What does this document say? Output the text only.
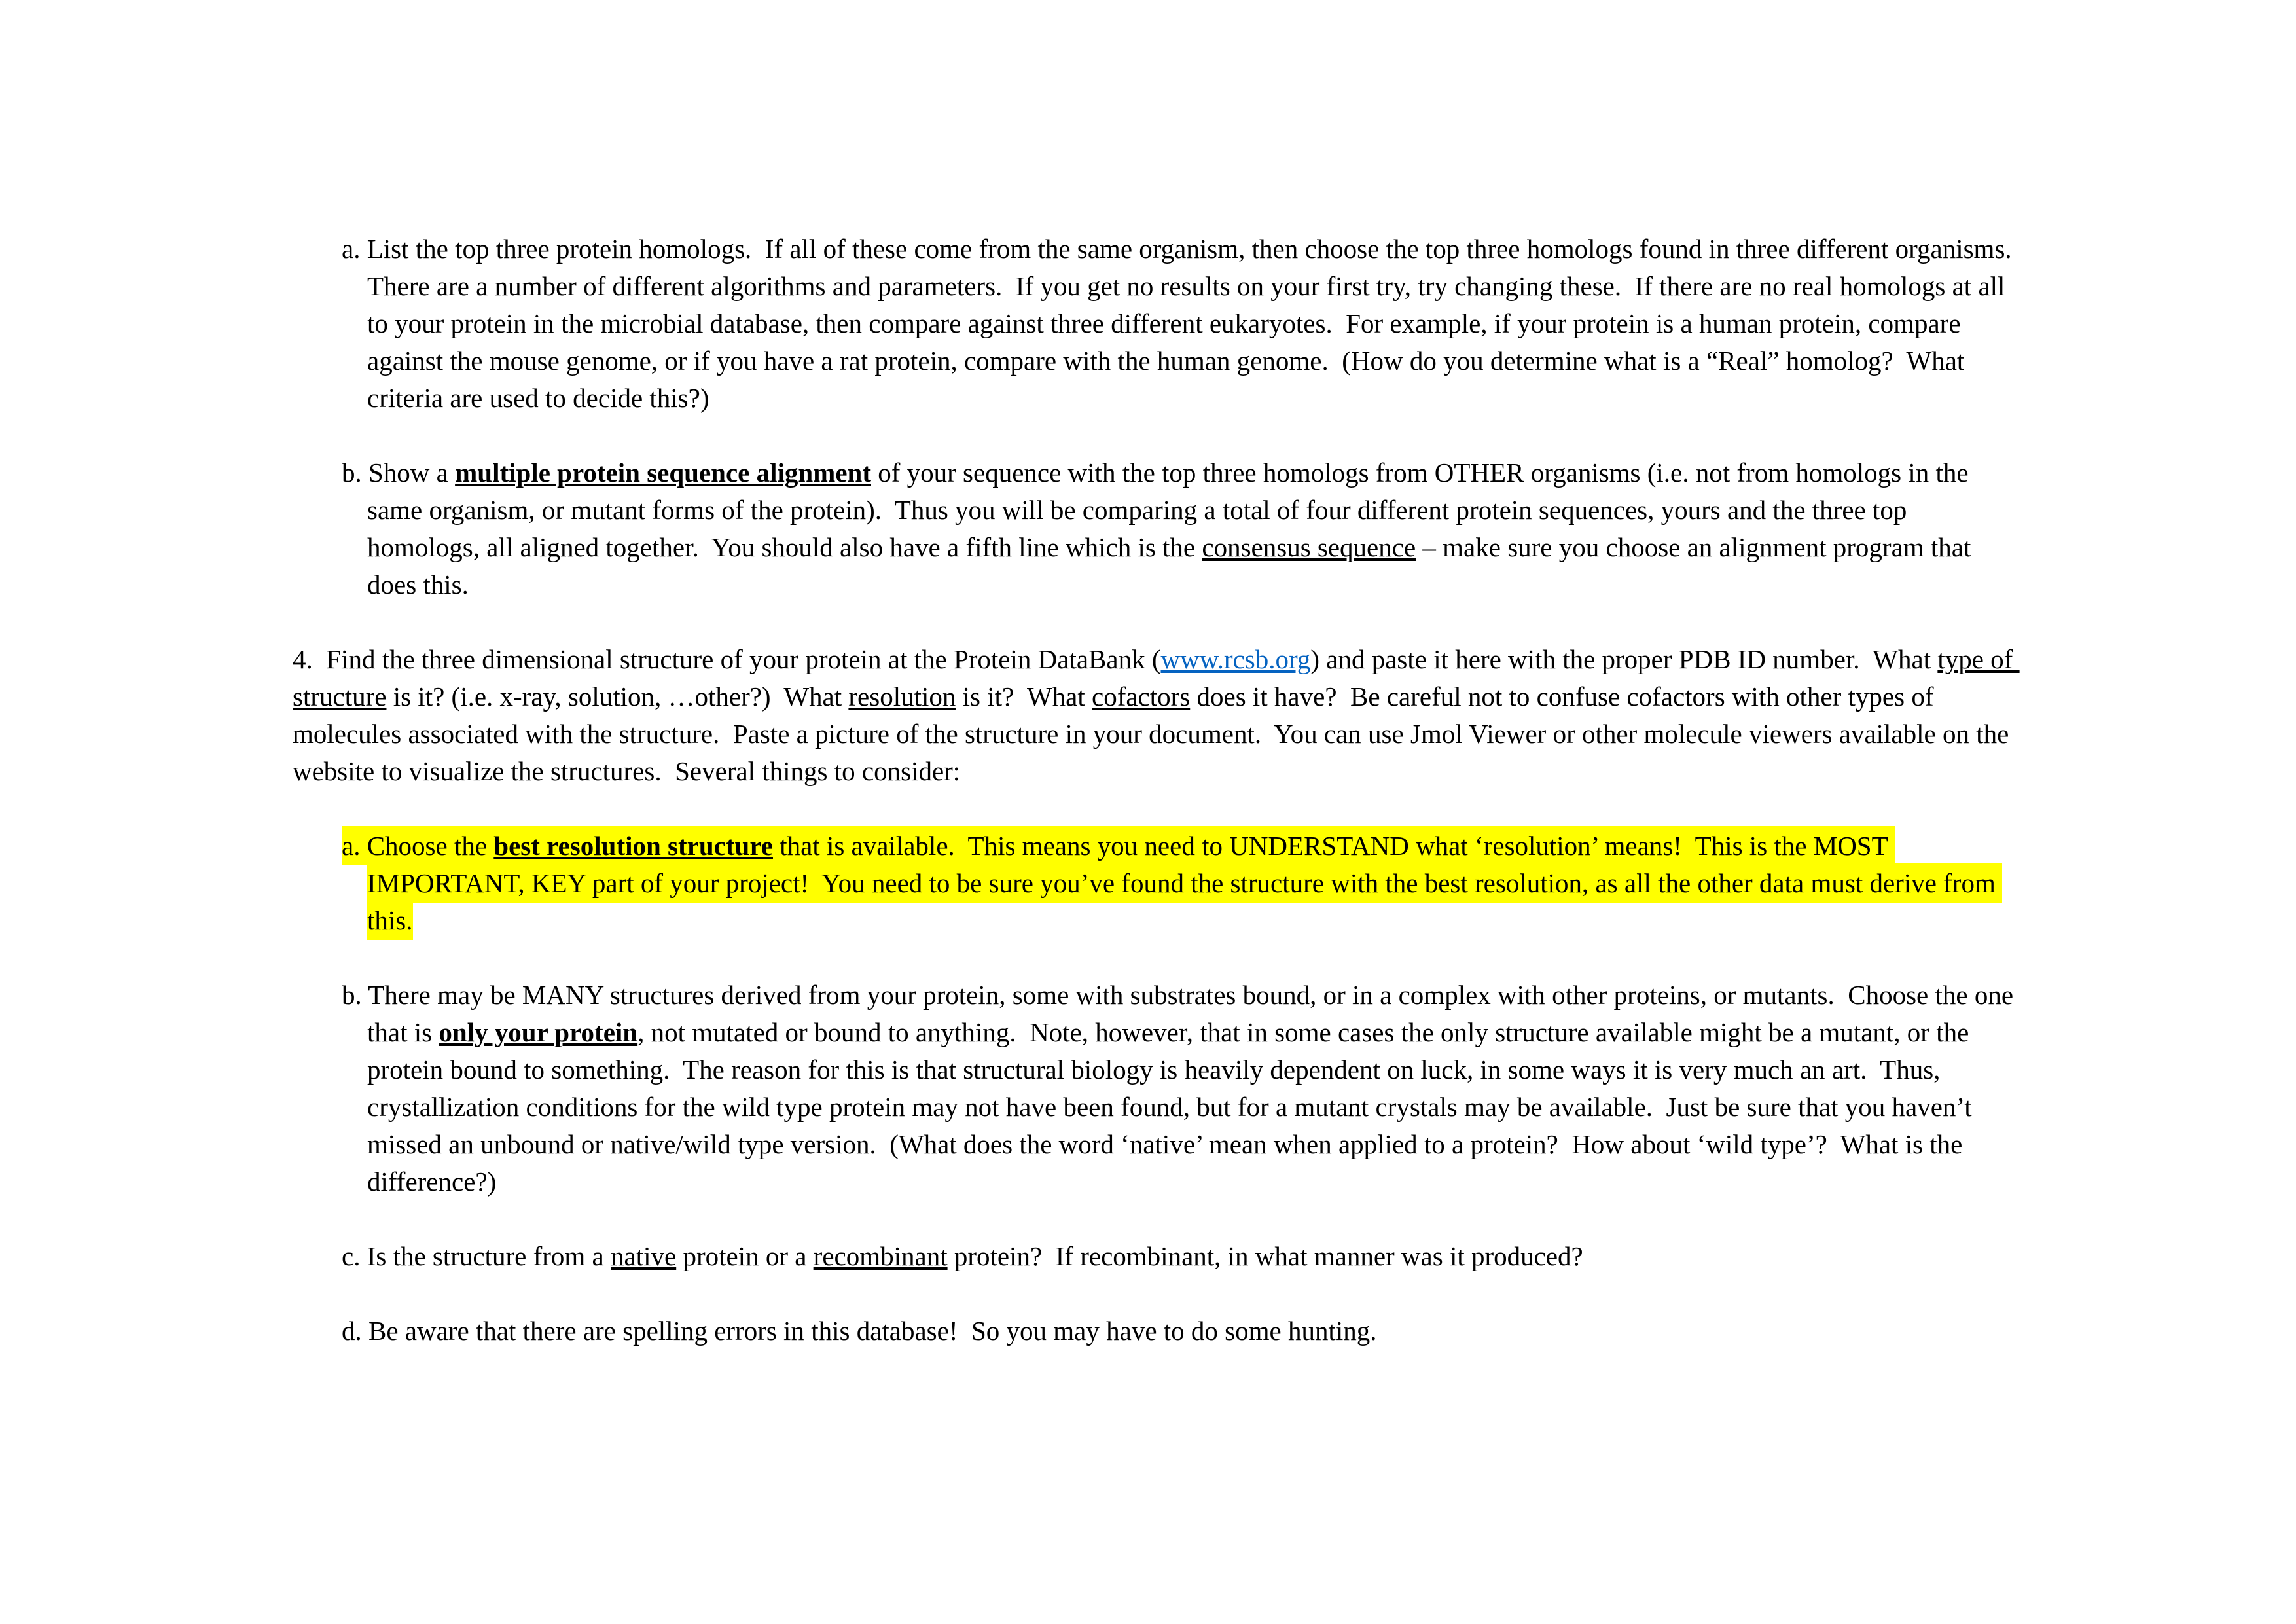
a. List the top three protein homologs.  If all of these come from the same organism, then choose the top three homologs found in three different organisms.   There are a number of different algorithms and parameters.  If you get no results on your first try, try changing these.  If there are no real homologs at all to your protein in the microbial database, then compare against three different eukaryotes.  For example, if your protein is a human protein, compare against the mouse genome, or if you have a rat protein, compare with the human genome.  (How do you determine what is a “Real” homolog?  What criteria are used to decide this?)

b. Show a multiple protein sequence alignment of your sequence with the top three homologs from OTHER organisms (i.e. not from homologs in the same organism, or mutant forms of the protein).  Thus you will be comparing a total of four different protein sequences, yours and the three top homologs, all aligned together.  You should also have a fifth line which is the consensus sequence – make sure you choose an alignment program that does this.

4.  Find the three dimensional structure of your protein at the Protein DataBank (www.rcsb.org) and paste it here with the proper PDB ID number.  What type of structure is it? (i.e. x-ray, solution, …other?)  What resolution is it?  What cofactors does it have?  Be careful not to confuse cofactors with other types of molecules associated with the structure.  Paste a picture of the structure in your document.  You can use Jmol Viewer or other molecule viewers available on the website to visualize the structures.  Several things to consider:

a. Choose the best resolution structure that is available.  This means you need to UNDERSTAND what ‘resolution’ means!  This is the MOST IMPORTANT, KEY part of your project!  You need to be sure you’ve found the structure with the best resolution, as all the other data must derive from this.

b. There may be MANY structures derived from your protein, some with substrates bound, or in a complex with other proteins, or mutants.  Choose the one that is only your protein, not mutated or bound to anything.  Note, however, that in some cases the only structure available might be a mutant, or the protein bound to something.  The reason for this is that structural biology is heavily dependent on luck, in some ways it is very much an art.  Thus, crystallization conditions for the wild type protein may not have been found, but for a mutant crystals may be available.  Just be sure that you haven’t missed an unbound or native/wild type version.  (What does the word ‘native’ mean when applied to a protein?  How about ‘wild type’?  What is the difference?)

c. Is the structure from a native protein or a recombinant protein?  If recombinant, in what manner was it produced?

d. Be aware that there are spelling errors in this database!  So you may have to do some hunting.
